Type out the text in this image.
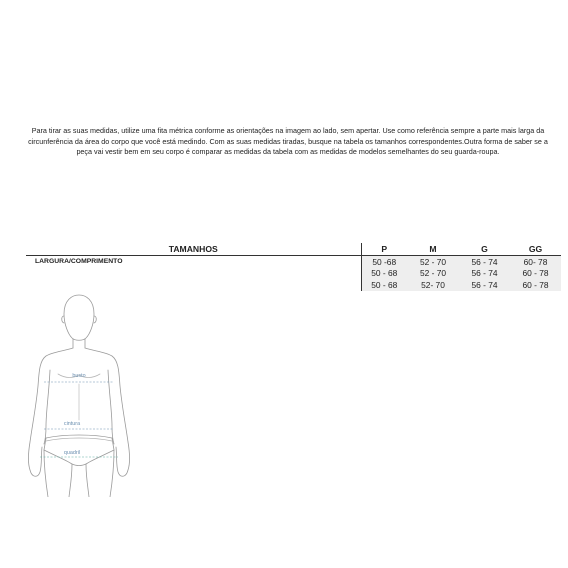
Para tirar as suas medidas, utilize uma fita métrica conforme as orientações na imagem ao lado, sem apertar. Use como referência sempre a parte mais larga da circunferência da área do corpo que você está medindo. Com as suas medidas tiradas, busque na tabela os tamanhos correspondentes.Outra forma de saber se a peça vai vestir bem em seu corpo é comparar as medidas da tabela com as medidas de modelos semelhantes do seu guarda-roupa.
TAMANHOS	P	M	G	GG
LARGURA/COMPRIMENTO	50 -68	52 - 70	56 - 74	60- 78
	50 - 68	52 - 70	56 - 74	60 - 78
	50 - 68	52- 70	56 - 74	60 - 78
busto
cintura
quadril
